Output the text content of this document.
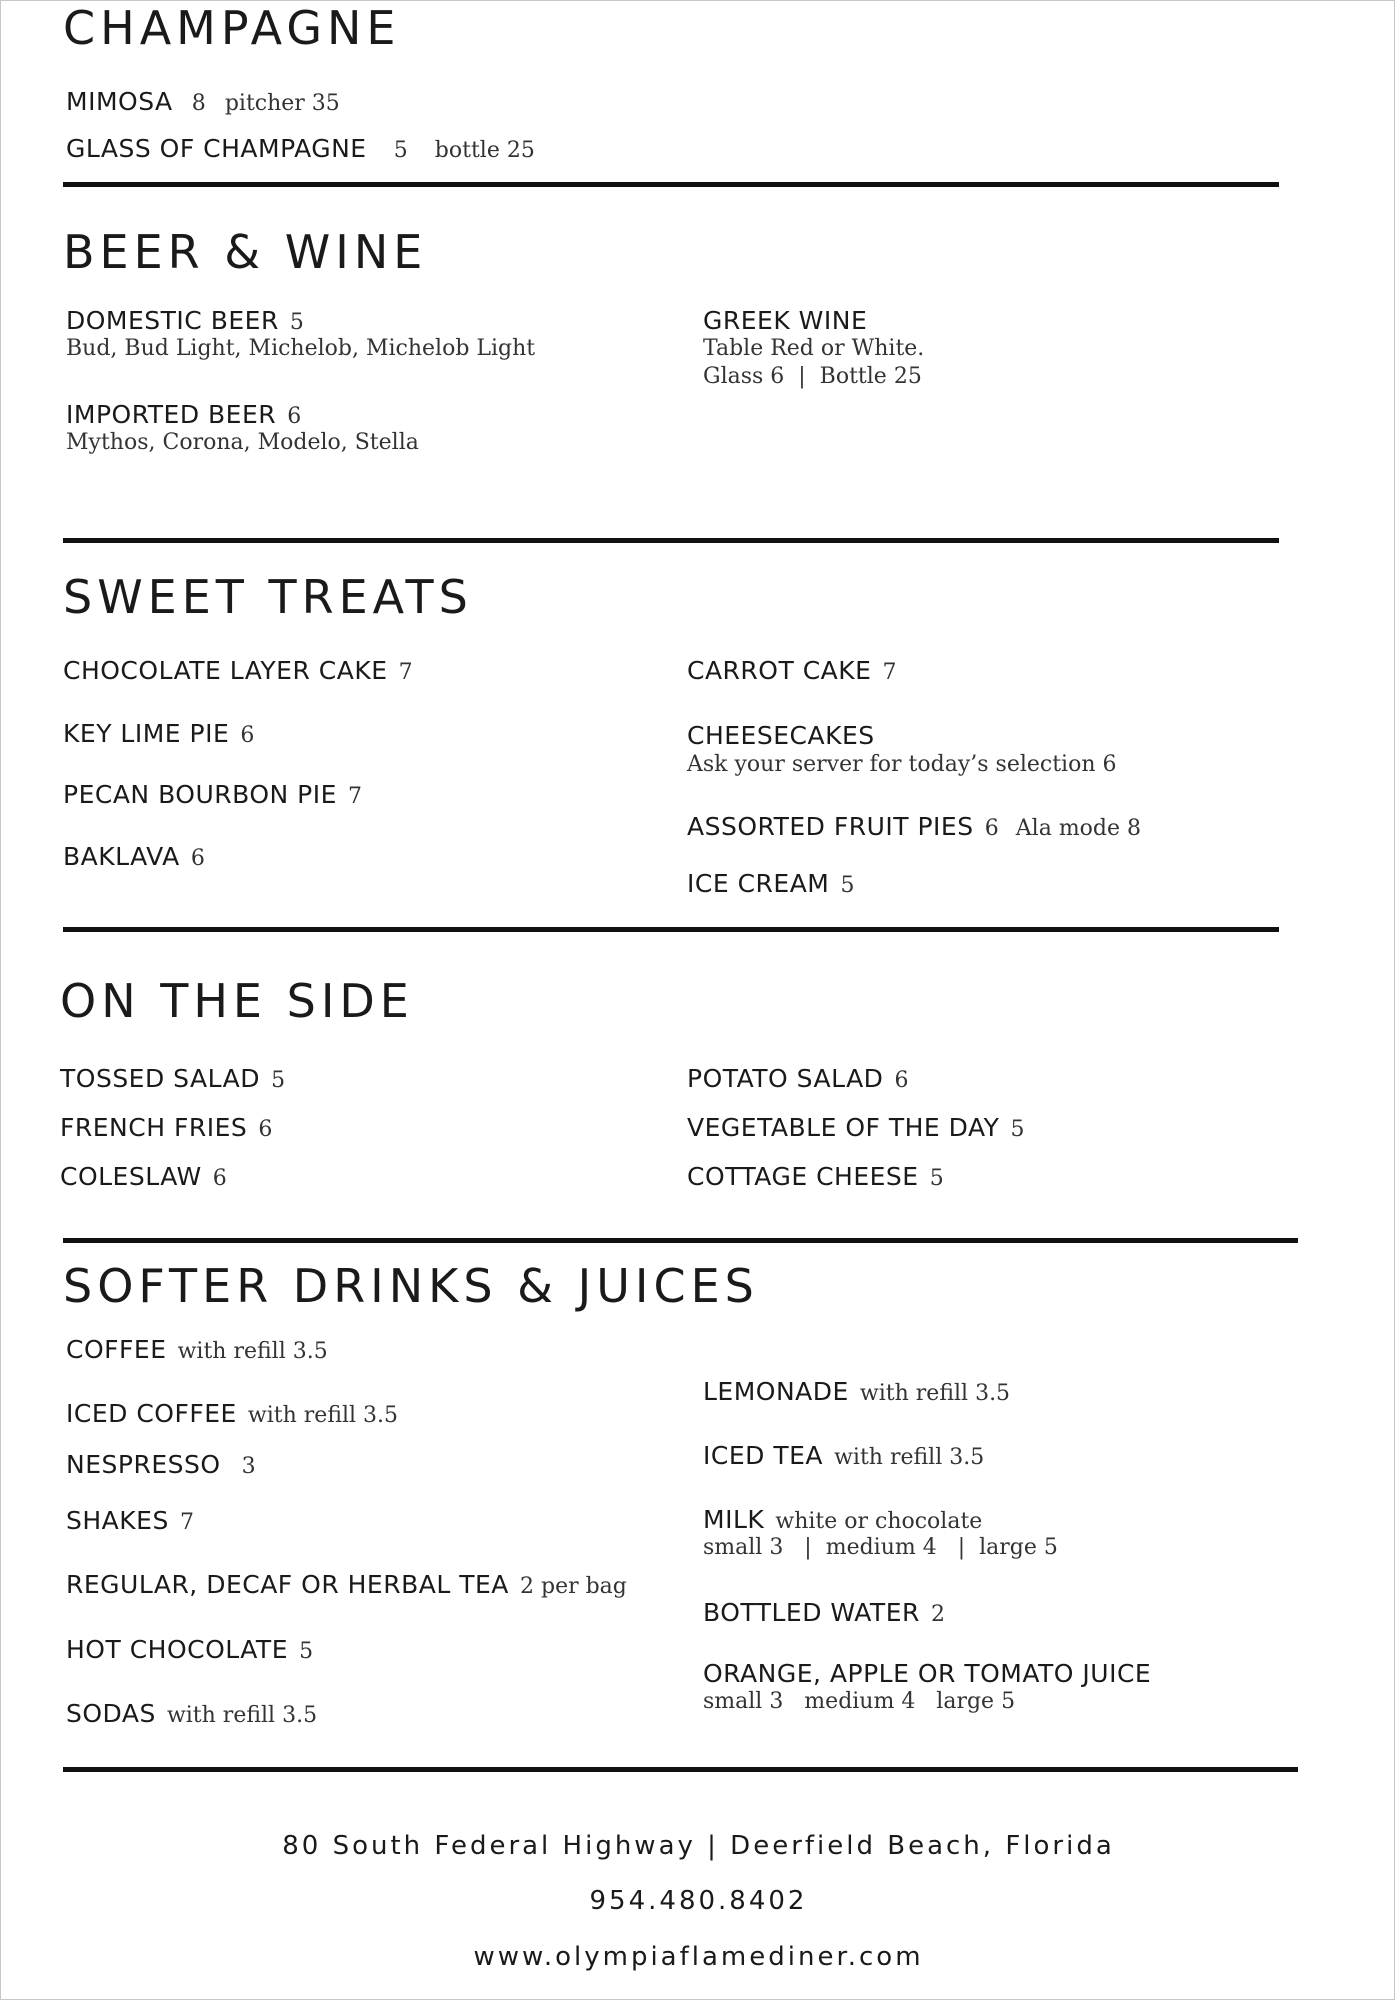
CHAMPAGNE
MIMOSA 8 pitcher 35
GLASS OF CHAMPAGNE 5 bottle 25
BEER & WINE
DOMESTIC BEER 5
Bud, Bud Light, Michelob, Michelob Light
IMPORTED BEER 6
Mythos, Corona, Modelo, Stella
GREEK WINE
Table Red or White.
Glass 6  |  Bottle 25
SWEET TREATS
CHOCOLATE LAYER CAKE 7
KEY LIME PIE 6
PECAN BOURBON PIE 7
BAKLAVA 6
CARROT CAKE 7
CHEESECAKES
Ask your server for today’s selection 6
ASSORTED FRUIT PIES 6 Ala mode 8
ICE CREAM 5
ON THE SIDE
TOSSED SALAD 5
FRENCH FRIES 6
COLESLAW 6
POTATO SALAD 6
VEGETABLE OF THE DAY 5
COTTAGE CHEESE 5
SOFTER DRINKS & JUICES
COFFEE with refill 3.5
ICED COFFEE with refill 3.5
NESPRESSO 3
SHAKES 7
REGULAR, DECAF OR HERBAL TEA 2 per bag
HOT CHOCOLATE 5
SODAS with refill 3.5
LEMONADE with refill 3.5
ICED TEA with refill 3.5
MILK white or chocolate
small 3   |  medium 4   |  large 5
BOTTLED WATER 2
ORANGE, APPLE OR TOMATO JUICE
small 3   medium 4   large 5
80 South Federal Highway | Deerfield Beach, Florida
954.480.8402
www.olympiaflamediner.com
